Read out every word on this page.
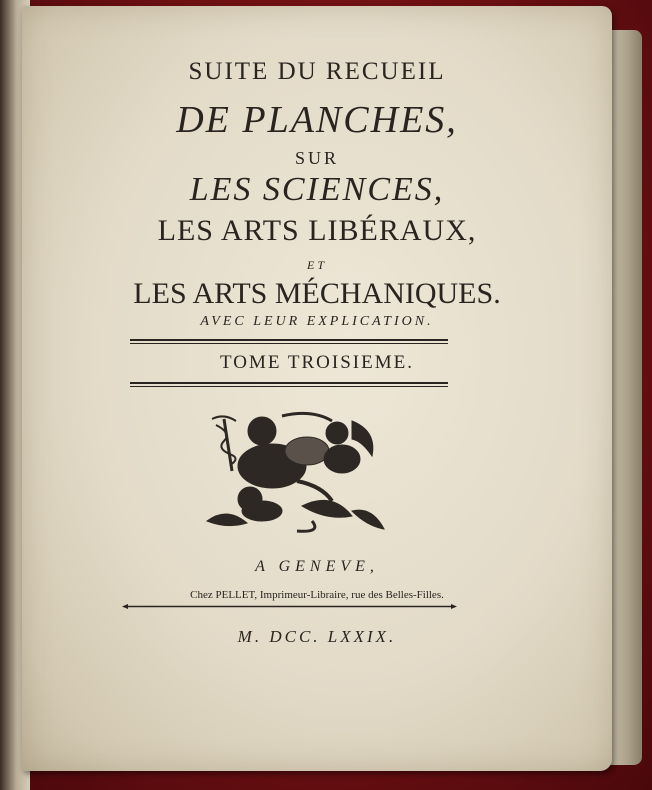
SUITE DU RECUEIL
DE PLANCHES,
SUR
LES SCIENCES,
LES ARTS LIBÉRAUX,
ET
LES ARTS MÉCHANIQUES.
AVEC LEUR EXPLICATION.
TOME TROISIEME.
A GENEVE,
Chez PELLET, Imprimeur-Libraire, rue des Belles-Filles.
M. DCC. LXXIX.
